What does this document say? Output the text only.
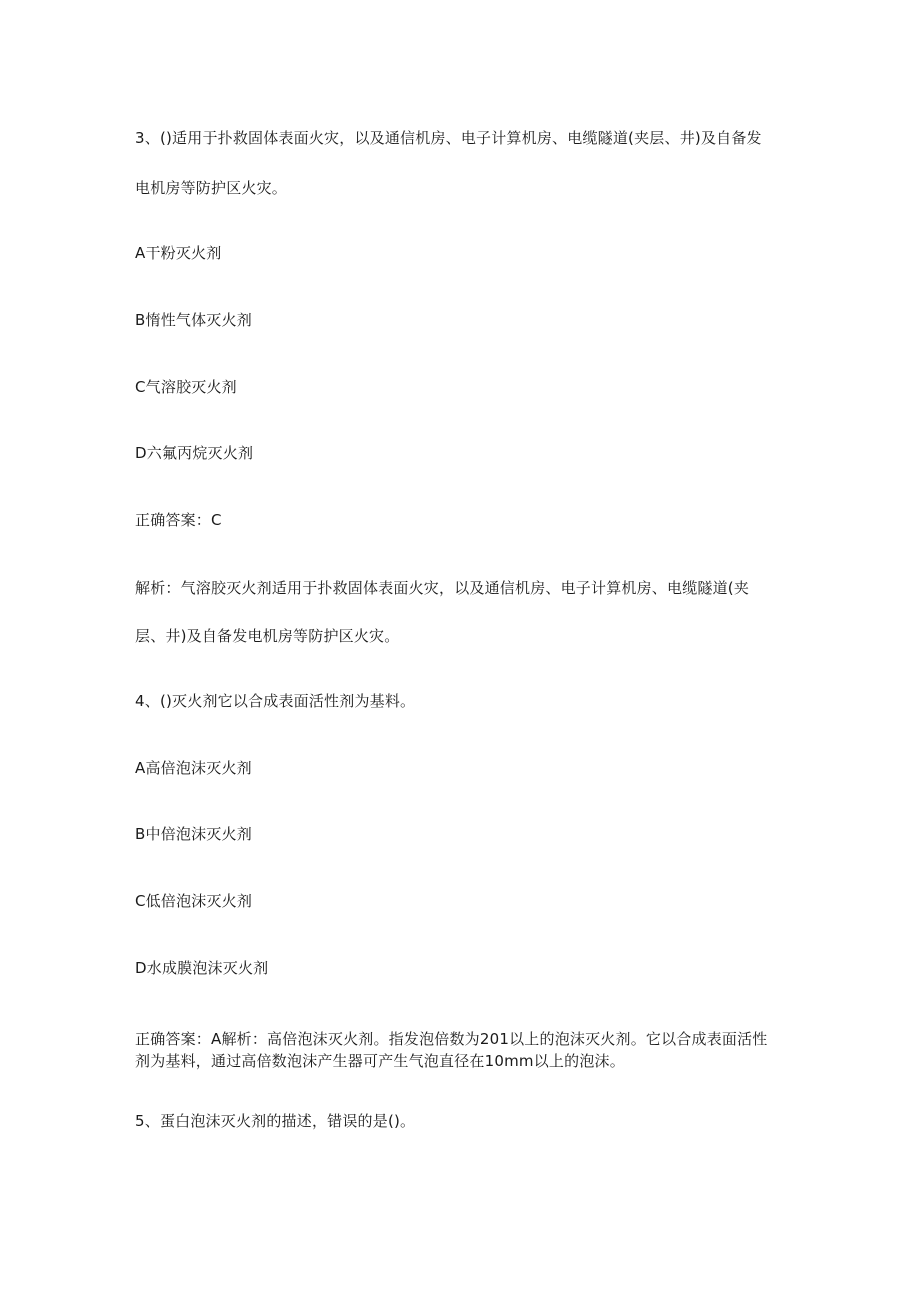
3、()适用于扑救固体表面火灾，以及通信机房、电子计算机房、电缆隧道(夹层、井)及自备发
电机房等防护区火灾。
A干粉灭火剂
B惰性气体灭火剂
C气溶胶灭火剂
D六氟丙烷灭火剂
正确答案：C
解析：气溶胶灭火剂适用于扑救固体表面火灾，以及通信机房、电子计算机房、电缆隧道(夹
层、井)及自备发电机房等防护区火灾。
4、()灭火剂它以合成表面活性剂为基料。
A高倍泡沫灭火剂
B中倍泡沫灭火剂
C低倍泡沫灭火剂
D水成膜泡沫灭火剂
正确答案：A解析：高倍泡沫灭火剂。指发泡倍数为201以上的泡沫灭火剂。它以合成表面活性剂为基料，通过高倍数泡沫产生器可产生气泡直径在10mm以上的泡沫。
5、蛋白泡沫灭火剂的描述，错误的是()。
